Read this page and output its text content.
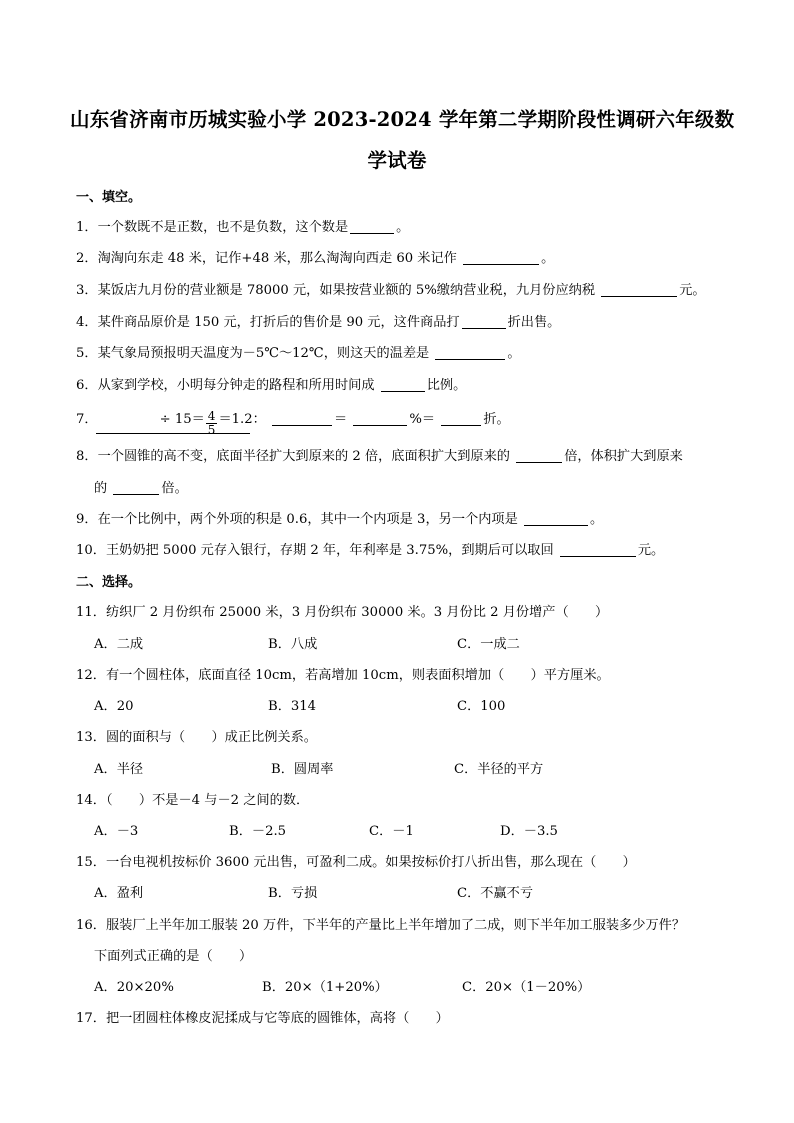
山东省济南市历城实验小学 2023-2024 学年第二学期阶段性调研六年级数
学试卷
一、填空。
1．一个数既不是正数，也不是负数，这个数是	。
2．淘淘向东走 48 米，记作+48 米，那么淘淘向西走 60 米记作	。
3．某饭店九月份的营业额是 78000 元，如果按营业额的 5%缴纳营业税，九月份应纳税	元。
4．某件商品原价是 150 元，打折后的售价是 90 元，这件商品打	折出售。
5．某气象局预报明天温度为－5℃～12℃，则这天的温差是	。
6．从家到学校，小明每分钟走的路程和所用时间成	比例。
7．	÷ $15= \frac{4}{5} =1.2$：	＝	%＝	折。
8．一个圆锥的高不变，底面半径扩大到原来的 2 倍，底面积扩大到原来的	倍，体积扩大到原来
的	倍。
9．在一个比例中，两个外项的积是 0.6，其中一个内项是 3，另一个内项是	。
10．王奶奶把 5000 元存入银行，存期 2 年，年利率是 3.75%，到期后可以取回	元。
二、选择。
11．纺织厂 2 月份织布 25000 米，3 月份织布 30000 米。3 月份比 2 月份增产（　　）
A．二成	B．八成	C．一成二
12．有一个圆柱体，底面直径 10cm，若高增加 10cm，则表面积增加（　　）平方厘米。
A．20	B．314	C．100
13．圆的面积与（　　）成正比例关系。
A．半径	B．圆周率	C．半径的平方
14．（　　）不是－4 与－2 之间的数．
A．－3	B．－2.5	C．－1	D．－3.5
15．一台电视机按标价 3600 元出售，可盈利二成。如果按标价打八折出售，那么现在（　　）
A．盈利	B．亏损	C．不赢不亏
16．服装厂上半年加工服装 20 万件，下半年的产量比上半年增加了二成，则下半年加工服装多少万件？
下面列式正确的是（　　）
A．20×20%	B．20×（1+20%）	C．20×（1－20%）
17．把一团圆柱体橡皮泥揉成与它等底的圆锥体，高将（　　）
